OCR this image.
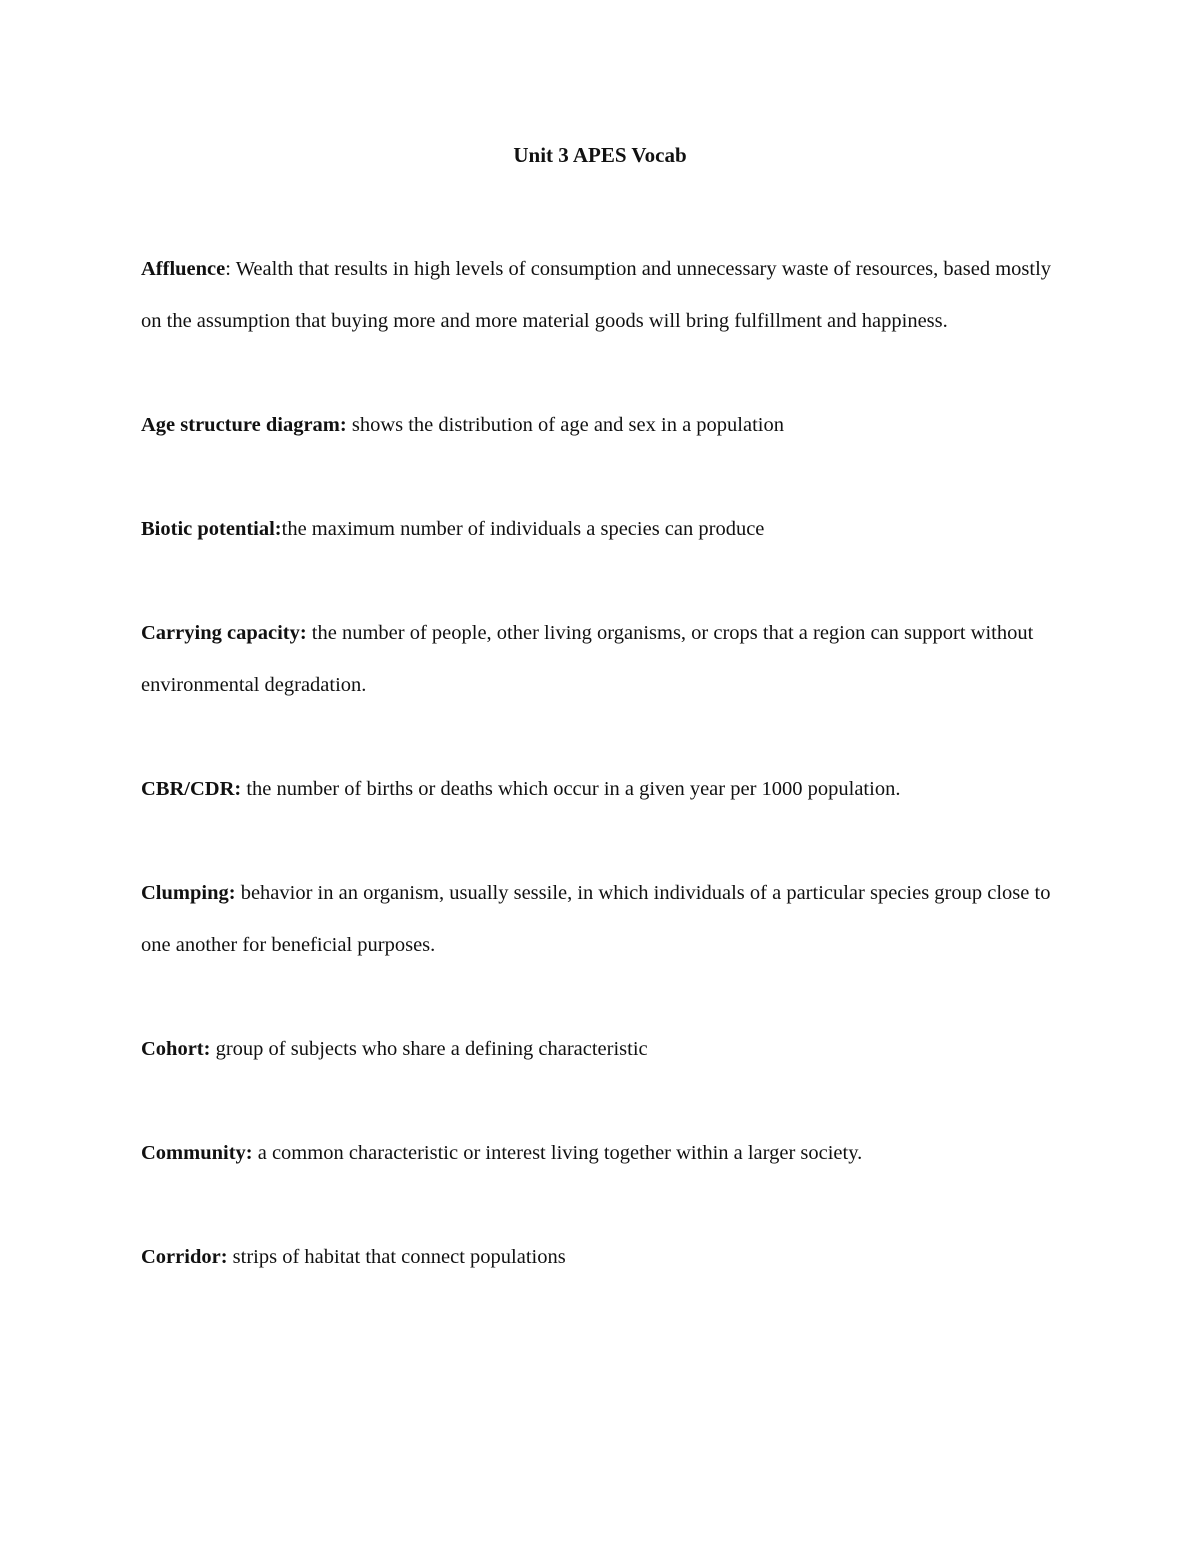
Unit 3 APES Vocab

Affluence: Wealth that results in high levels of consumption and unnecessary waste of resources, based mostly on the assumption that buying more and more material goods will bring fulfillment and happiness.

Age structure diagram: shows the distribution of age and sex in a population

Biotic potential:the maximum number of individuals a species can produce

Carrying capacity: the number of people, other living organisms, or crops that a region can support without environmental degradation.

CBR/CDR: the number of births or deaths which occur in a given year per 1000 population.

Clumping: behavior in an organism, usually sessile, in which individuals of a particular species group close to one another for beneficial purposes.

Cohort: group of subjects who share a defining characteristic

Community: a common characteristic or interest living together within a larger society.

Corridor: strips of habitat that connect populations
